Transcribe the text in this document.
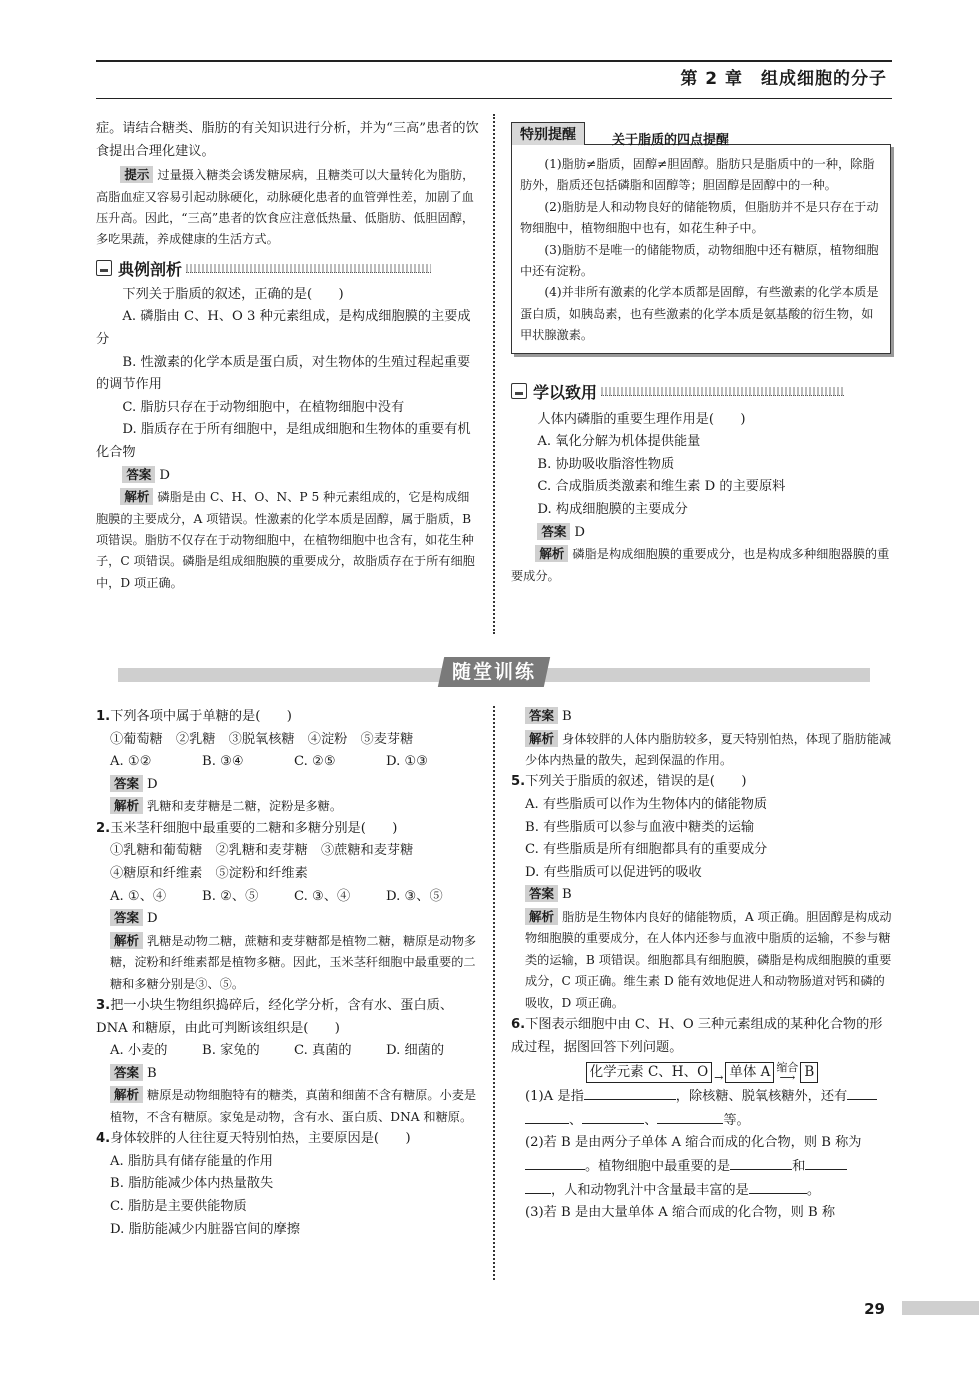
第 2 章　组成细胞的分子

症。请结合糖类、脂肪的有关知识进行分析，并为“三高”患者的饮食提出合理化建议。

提示 过量摄入糖类会诱发糖尿病，且糖类可以大量转化为脂肪，高脂血症又容易引起动脉硬化，动脉硬化患者的血管弹性差，加剧了血压升高。因此，“三高”患者的饮食应注意低热量、低脂肪、低胆固醇，多吃果蔬，养成健康的生活方式。

典例剖析

下列关于脂质的叙述，正确的是(　　)

A. 磷脂由 C、H、O 3 种元素组成，是构成细胞膜的主要成分

B. 性激素的化学本质是蛋白质，对生物体的生殖过程起重要的调节作用

C. 脂肪只存在于动物细胞中，在植物细胞中没有

D. 脂质存在于所有细胞中，是组成细胞和生物体的重要有机化合物

答案 D

解析 磷脂是由 C、H、O、N、P 5 种元素组成的，它是构成细胞膜的主要成分，A 项错误。性激素的化学本质是固醇，属于脂质，B 项错误。脂肪不仅存在于动物细胞中，在植物细胞中也含有，如花生种子，C 项错误。磷脂是组成细胞膜的重要成分，故脂质存在于所有细胞中，D 项正确。

特别提醒	关于脂质的四点提醒

(1)脂肪≠脂质，固醇≠胆固醇。脂肪只是脂质中的一种，除脂肪外，脂质还包括磷脂和固醇等；胆固醇是固醇中的一种。

(2)脂肪是人和动物良好的储能物质，但脂肪并不是只存在于动物细胞中，植物细胞中也有，如花生种子中。

(3)脂肪不是唯一的储能物质，动物细胞中还有糖原，植物细胞中还有淀粉。

(4)并非所有激素的化学本质都是固醇，有些激素的化学本质是蛋白质，如胰岛素，也有些激素的化学本质是氨基酸的衍生物，如甲状腺激素。

学以致用

人体内磷脂的重要生理作用是(　　)

A. 氧化分解为机体提供能量

B. 协助吸收脂溶性物质

C. 合成脂质类激素和维生素 D 的主要原料

D. 构成细胞膜的主要成分

答案 D

解析 磷脂是构成细胞膜的重要成分，也是构成多种细胞器膜的重要成分。

随堂训练

1.下列各项中属于单糖的是(　　)

①葡萄糖　②乳糖　③脱氧核糖　④淀粉　⑤麦芽糖

A. ①②	B. ③④	C. ②⑤	D. ①③

答案 D

解析 乳糖和麦芽糖是二糖，淀粉是多糖。

2.玉米茎秆细胞中最重要的二糖和多糖分别是(　　)

①乳糖和葡萄糖　②乳糖和麦芽糖　③蔗糖和麦芽糖

④糖原和纤维素　⑤淀粉和纤维素

A. ①、④	B. ②、⑤	C. ③、④	D. ③、⑤

答案 D

解析 乳糖是动物二糖，蔗糖和麦芽糖都是植物二糖，糖原是动物多糖，淀粉和纤维素都是植物多糖。因此，玉米茎秆细胞中最重要的二糖和多糖分别是③、⑤。

3.把一小块生物组织捣碎后，经化学分析，含有水、蛋白质、DNA 和糖原，由此可判断该组织是(　　)

A. 小麦的	B. 家兔的	C. 真菌的	D. 细菌的

答案 B

解析 糖原是动物细胞特有的糖类，真菌和细菌不含有糖原。小麦是植物，不含有糖原。家兔是动物，含有水、蛋白质、DNA 和糖原。

4.身体较胖的人往往夏天特别怕热，主要原因是(　　)

A. 脂肪具有储存能量的作用

B. 脂肪能减少体内热量散失

C. 脂肪是主要供能物质

D. 脂肪能减少内脏器官间的摩擦

答案 B

解析 身体较胖的人体内脂肪较多，夏天特别怕热，体现了脂肪能减少体内热量的散失，起到保温的作用。

5.下列关于脂质的叙述，错误的是(　　)

A. 有些脂质可以作为生物体内的储能物质

B. 有些脂质可以参与血液中糖类的运输

C. 有些脂质是所有细胞都具有的重要成分

D. 有些脂质可以促进钙的吸收

答案 B

解析 脂肪是生物体内良好的储能物质，A 项正确。胆固醇是构成动物细胞膜的重要成分，在人体内还参与血液中脂质的运输，不参与糖类的运输，B 项错误。细胞都具有细胞膜，磷脂是构成细胞膜的重要成分，C 项正确。维生素 D 能有效地促进人和动物肠道对钙和磷的吸收，D 项正确。

6.下图表示细胞中由 C、H、O 三种元素组成的某种化合物的形成过程，据图回答下列问题。

化学元素 C、H、O → 单体 A 缩合
⟶ B

(1)A 是指	，除核糖、脱氧核糖外，还有
、	、	等。

(2)若 B 是由两分子单体 A 缩合而成的化合物，则 B 称为
。植物细胞中最重要的是	和
，人和动物乳汁中含量最丰富的是	。

(3)若 B 是由大量单体 A 缩合而成的化合物，则 B 称

29
